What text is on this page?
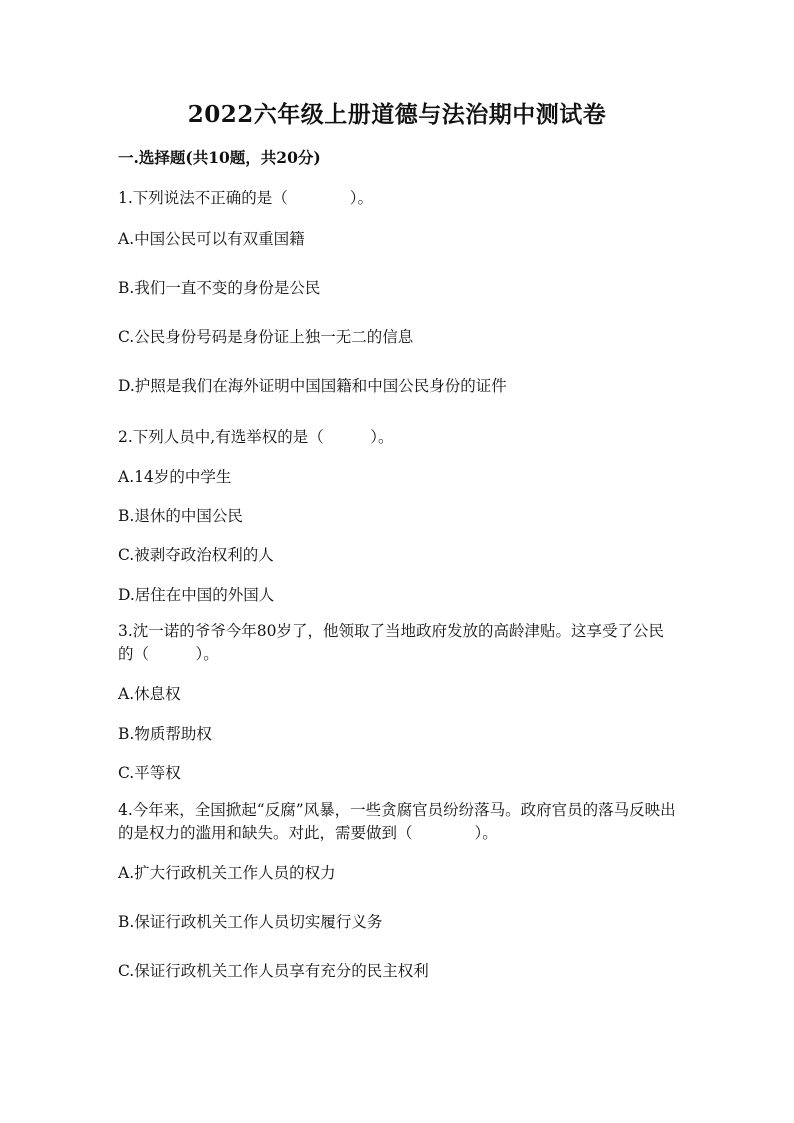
2022六年级上册道德与法治期中测试卷
一.选择题(共10题，共20分)
1.下列说法不正确的是（　　　　）。
A.中国公民可以有双重国籍
B.我们一直不变的身份是公民
C.公民身份号码是身份证上独一无二的信息
D.护照是我们在海外证明中国国籍和中国公民身份的证件
2.下列人员中,有选举权的是（　　　）。
A.14岁的中学生
B.退休的中国公民
C.被剥夺政治权利的人
D.居住在中国的外国人
3.沈一诺的爷爷今年80岁了，他领取了当地政府发放的高龄津贴。这享受了公民的（　　　）。
A.休息权
B.物质帮助权
C.平等权
4.今年来，全国掀起“反腐”风暴，一些贪腐官员纷纷落马。政府官员的落马反映出的是权力的滥用和缺失。对此，需要做到（　　　　）。
A.扩大行政机关工作人员的权力
B.保证行政机关工作人员切实履行义务
C.保证行政机关工作人员享有充分的民主权利
